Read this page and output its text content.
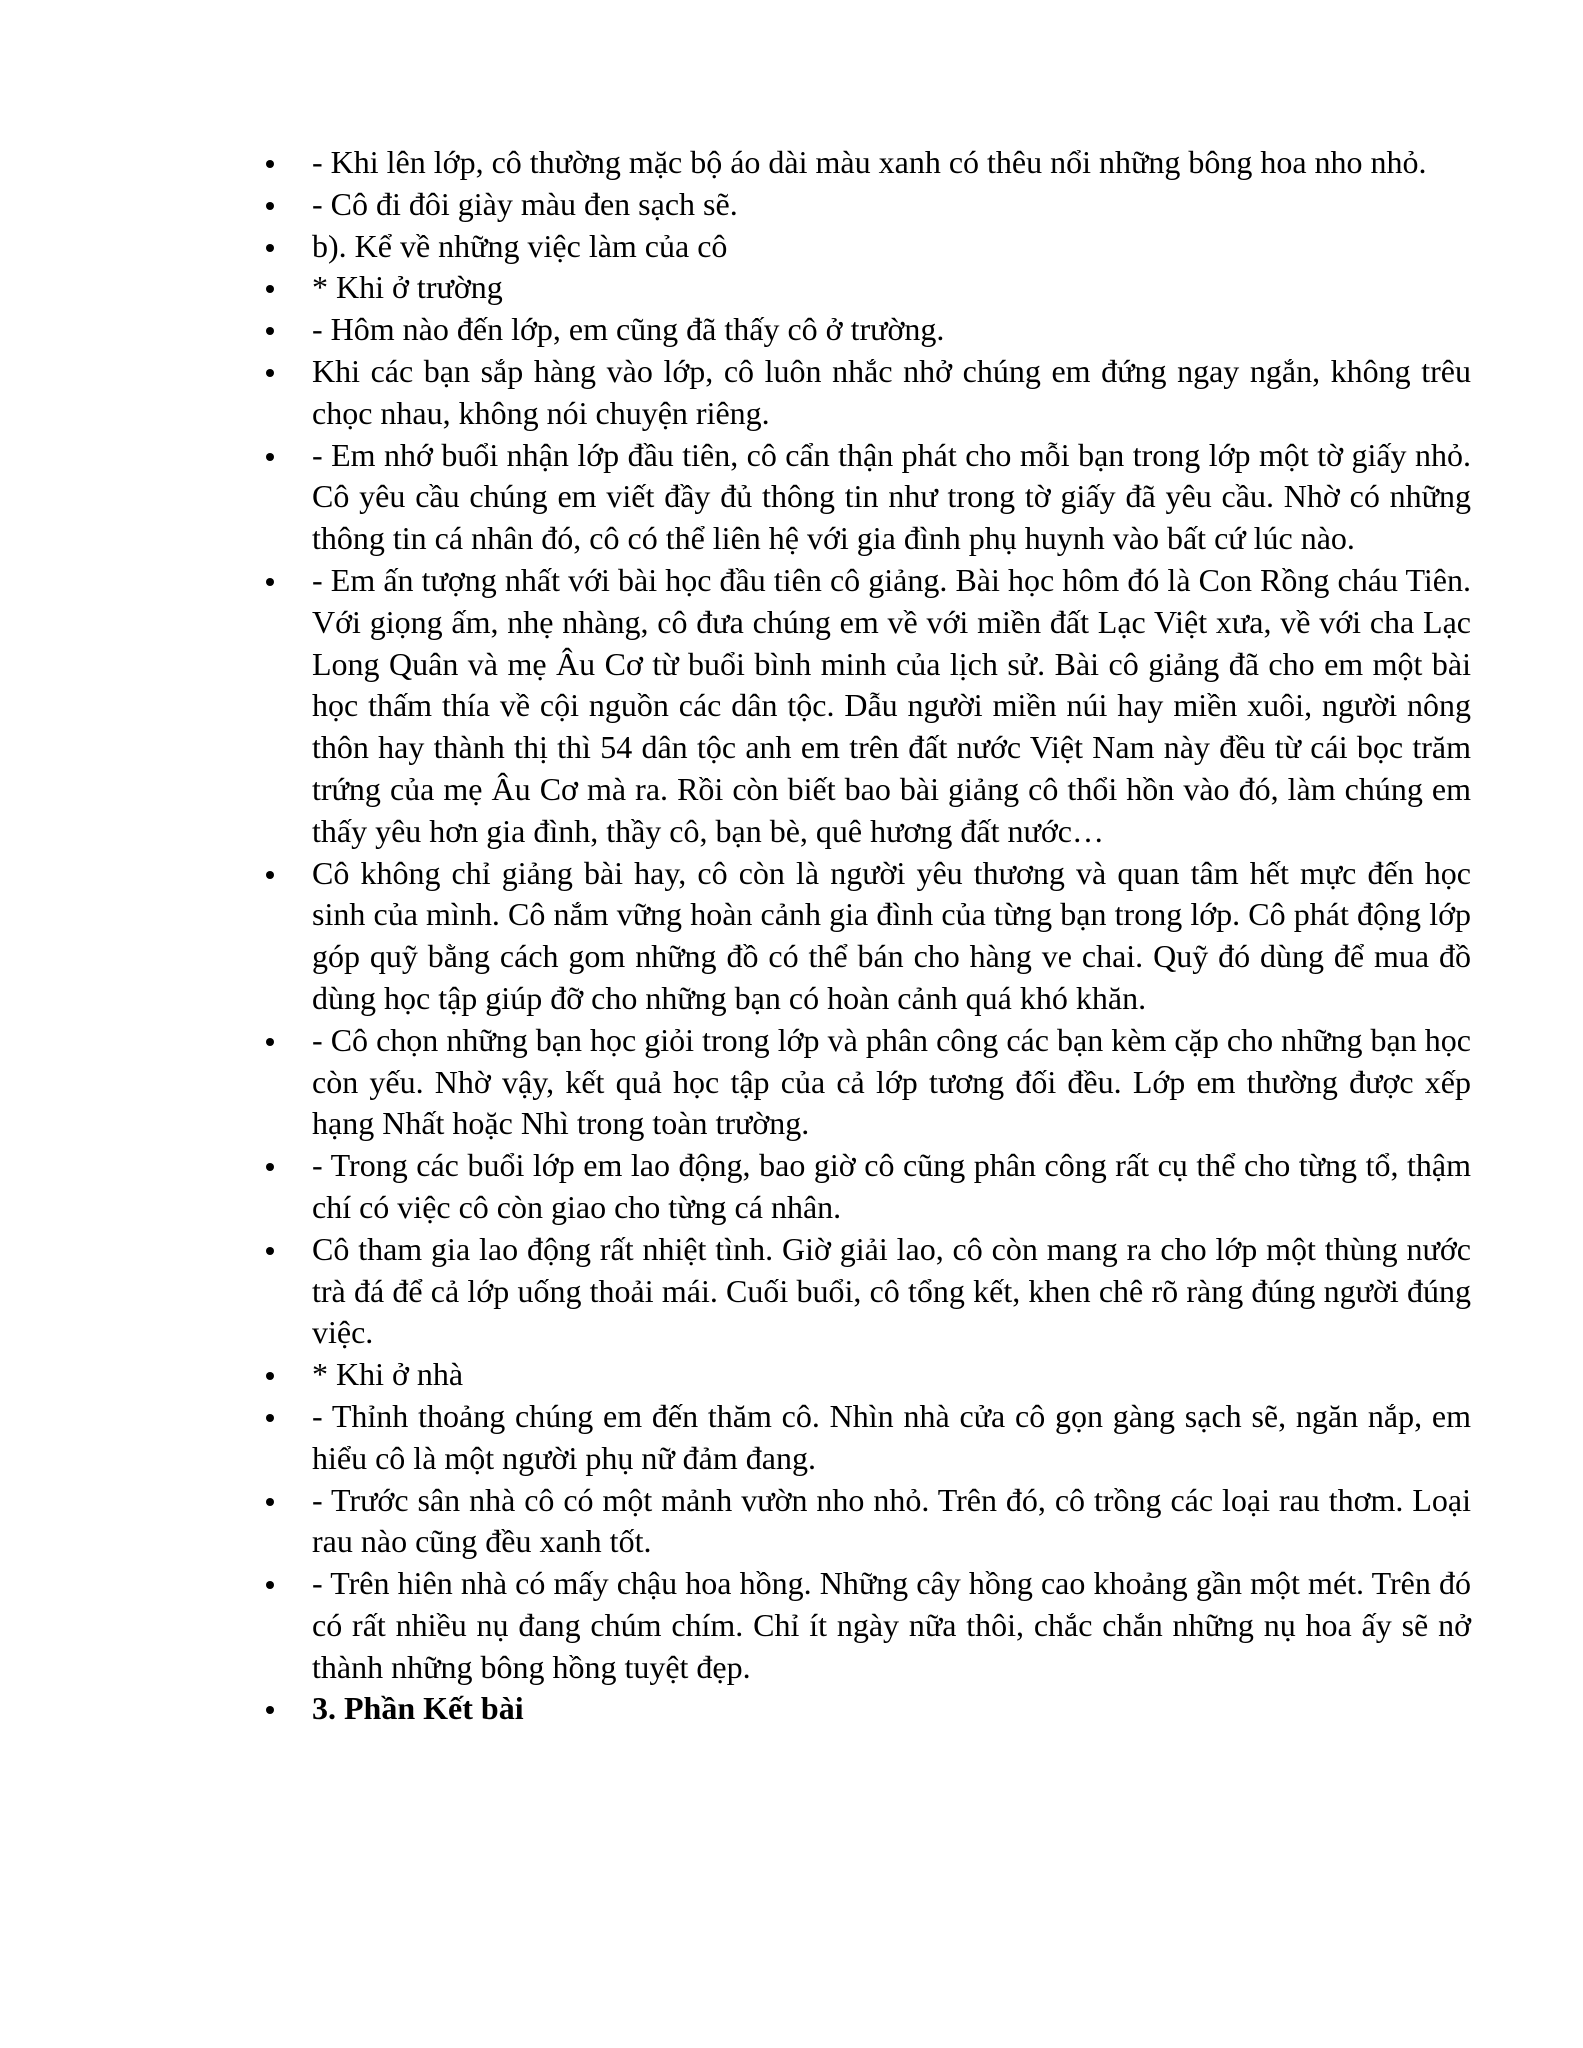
- Khi lên lớp, cô thường mặc bộ áo dài màu xanh có thêu nổi những bông hoa nho nhỏ.
- Cô đi đôi giày màu đen sạch sẽ.
b). Kể về những việc làm của cô
* Khi ở trường
- Hôm nào đến lớp, em cũng đã thấy cô ở trường.
Khi các bạn sắp hàng vào lớp, cô luôn nhắc nhở chúng em đứng ngay ngắn, không trêu chọc nhau, không nói chuyện riêng.
- Em nhớ buổi nhận lớp đầu tiên, cô cẩn thận phát cho mỗi bạn trong lớp một tờ giấy nhỏ. Cô yêu cầu chúng em viết đầy đủ thông tin như trong tờ giấy đã yêu cầu. Nhờ có những thông tin cá nhân đó, cô có thể liên hệ với gia đình phụ huynh vào bất cứ lúc nào.
- Em ấn tượng nhất với bài học đầu tiên cô giảng. Bài học hôm đó là Con Rồng cháu Tiên. Với giọng ấm, nhẹ nhàng, cô đưa chúng em về với miền đất Lạc Việt xưa, về với cha Lạc Long Quân và mẹ Âu Cơ từ buổi bình minh của lịch sử. Bài cô giảng đã cho em một bài học thấm thía về cội nguồn các dân tộc. Dẫu người miền núi hay miền xuôi, người nông thôn hay thành thị thì 54 dân tộc anh em trên đất nước Việt Nam này đều từ cái bọc trăm trứng của mẹ Âu Cơ mà ra. Rồi còn biết bao bài giảng cô thổi hồn vào đó, làm chúng em thấy yêu hơn gia đình, thầy cô, bạn bè, quê hương đất nước…
Cô không chỉ giảng bài hay, cô còn là người yêu thương và quan tâm hết mực đến học sinh của mình. Cô nắm vững hoàn cảnh gia đình của từng bạn trong lớp. Cô phát động lớp góp quỹ bằng cách gom những đồ có thể bán cho hàng ve chai. Quỹ đó dùng để mua đồ dùng học tập giúp đỡ cho những bạn có hoàn cảnh quá khó khăn.
- Cô chọn những bạn học giỏi trong lớp và phân công các bạn kèm cặp cho những bạn học còn yếu. Nhờ vậy, kết quả học tập của cả lớp tương đối đều. Lớp em thường được xếp hạng Nhất hoặc Nhì trong toàn trường.
- Trong các buổi lớp em lao động, bao giờ cô cũng phân công rất cụ thể cho từng tổ, thậm chí có việc cô còn giao cho từng cá nhân.
Cô tham gia lao động rất nhiệt tình. Giờ giải lao, cô còn mang ra cho lớp một thùng nước trà đá để cả lớp uống thoải mái. Cuối buổi, cô tổng kết, khen chê rõ ràng đúng người đúng việc.
* Khi ở nhà
- Thỉnh thoảng chúng em đến thăm cô. Nhìn nhà cửa cô gọn gàng sạch sẽ, ngăn nắp, em hiểu cô là một người phụ nữ đảm đang.
- Trước sân nhà cô có một mảnh vườn nho nhỏ. Trên đó, cô trồng các loại rau thơm. Loại rau nào cũng đều xanh tốt.
- Trên hiên nhà có mấy chậu hoa hồng. Những cây hồng cao khoảng gần một mét. Trên đó có rất nhiều nụ đang chúm chím. Chỉ ít ngày nữa thôi, chắc chắn những nụ hoa ấy sẽ nở thành những bông hồng tuyệt đẹp.
3. Phần Kết bài
